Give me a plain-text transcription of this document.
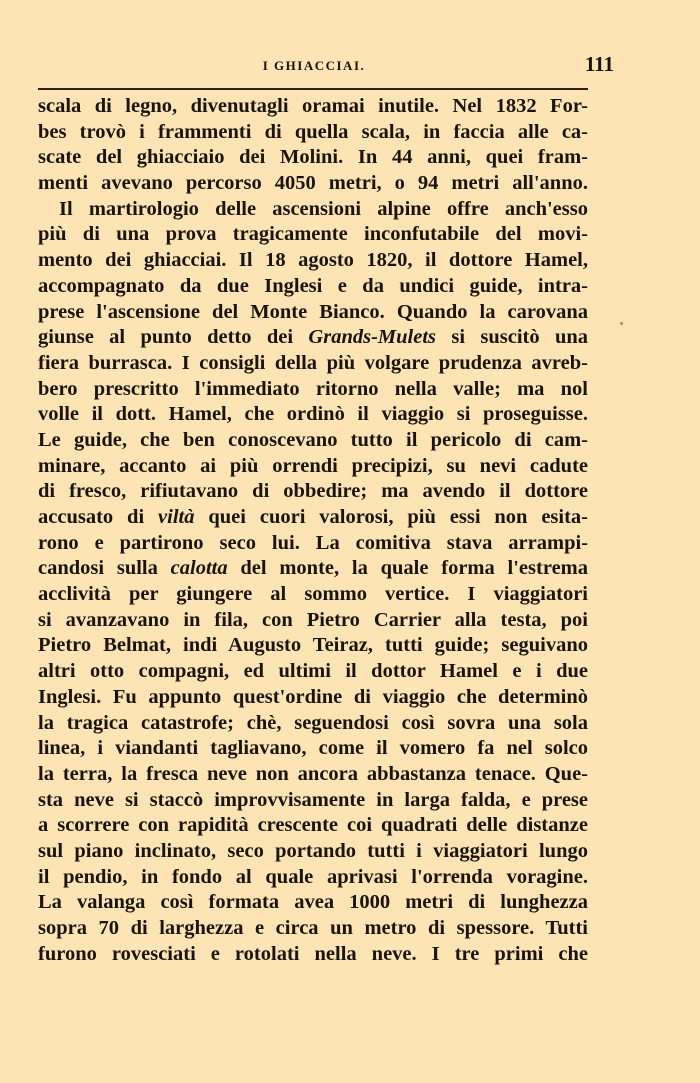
I GHIACCIAI.	111
scala di legno, divenutagli oramai inutile. Nel 1832 For-
bes trovò i frammenti di quella scala, in faccia alle ca-
scate del ghiacciaio dei Molini. In 44 anni, quei fram-
menti avevano percorso 4050 metri, o 94 metri all'anno.
Il martirologio delle ascensioni alpine offre anch'esso
più di una prova tragicamente inconfutabile del movi-
mento dei ghiacciai. Il 18 agosto 1820, il dottore Hamel,
accompagnato da due Inglesi e da undici guide, intra-
prese l'ascensione del Monte Bianco. Quando la carovana
giunse al punto detto dei Grands-Mulets si suscitò una
fiera burrasca. I consigli della più volgare prudenza avreb-
bero prescritto l'immediato ritorno nella valle; ma nol
volle il dott. Hamel, che ordinò il viaggio si proseguisse.
Le guide, che ben conoscevano tutto il pericolo di cam-
minare, accanto ai più orrendi precipizi, su nevi cadute
di fresco, rifiutavano di obbedire; ma avendo il dottore
accusato di viltà quei cuori valorosi, più essi non esita-
rono e partirono seco lui. La comitiva stava arrampi-
candosi sulla calotta del monte, la quale forma l'estrema
acclività per giungere al sommo vertice. I viaggiatori
si avanzavano in fila, con Pietro Carrier alla testa, poi
Pietro Belmat, indi Augusto Teiraz, tutti guide; seguivano
altri otto compagni, ed ultimi il dottor Hamel e i due
Inglesi. Fu appunto quest'ordine di viaggio che determinò
la tragica catastrofe; chè, seguendosi così sovra una sola
linea, i viandanti tagliavano, come il vomero fa nel solco
la terra, la fresca neve non ancora abbastanza tenace. Que-
sta neve si staccò improvvisamente in larga falda, e prese
a scorrere con rapidità crescente coi quadrati delle distanze
sul piano inclinato, seco portando tutti i viaggiatori lungo
il pendio, in fondo al quale aprivasi l'orrenda voragine.
La valanga così formata avea 1000 metri di lunghezza
sopra 70 di larghezza e circa un metro di spessore. Tutti
furono rovesciati e rotolati nella neve. I tre primi che
